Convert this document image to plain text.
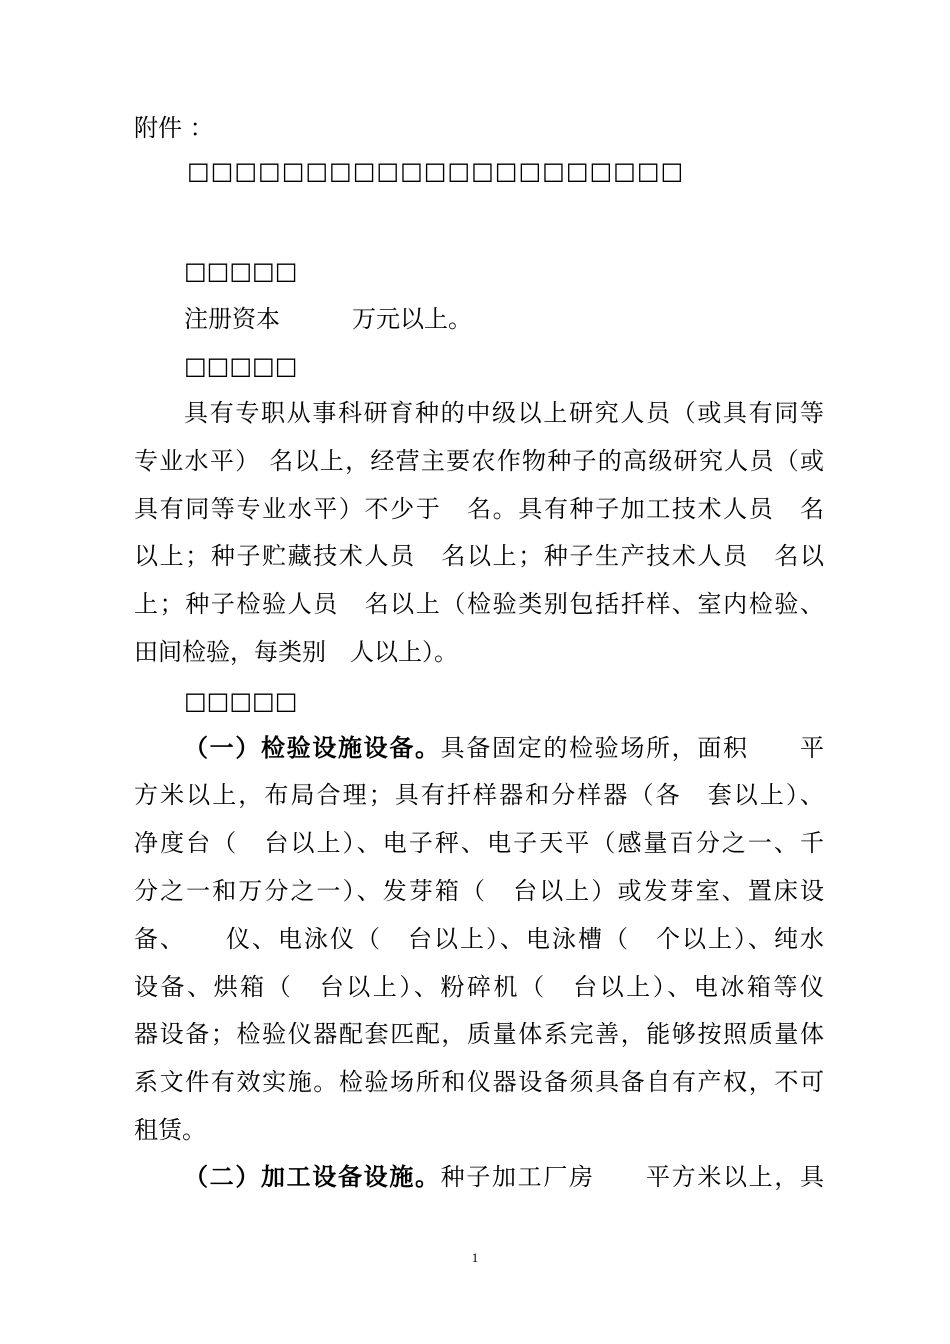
附件 ：
□□□□□□□□□□□□□□□□□□□□□
□□□□□
注册资本　　　万元以上。
□□□□□
具有专职从事科研育种的中级以上研究人员（或具有同等
专业水平） 名以上，经营主要农作物种子的高级研究人员（或
具有同等专业水平）不少于　名。具有种子加工技术人员　名
以上；种子贮藏技术人员　名以上；种子生产技术人员　名以
上；种子检验人员　名以上（检验类别包括扦样、室内检验、
田间检验，每类别　人以上）。
□□□□□
（一）检验设施设备。具备固定的检验场所，面积　　平
方米以上，布局合理；具有扦样器和分样器（各　套以上）、
净度台（　台以上）、电子秤、电子天平（感量百分之一、千
分之一和万分之一）、发芽箱（　台以上）或发芽室、置床设
备、　　仪、电泳仪（　台以上）、电泳槽（　个以上）、纯水
设备、烘箱（　台以上）、粉碎机（　台以上）、电冰箱等仪
器设备；检验仪器配套匹配，质量体系完善，能够按照质量体
系文件有效实施。检验场所和仪器设备须具备自有产权，不可
租赁。
（二）加工设备设施。种子加工厂房　　平方米以上，具
1
